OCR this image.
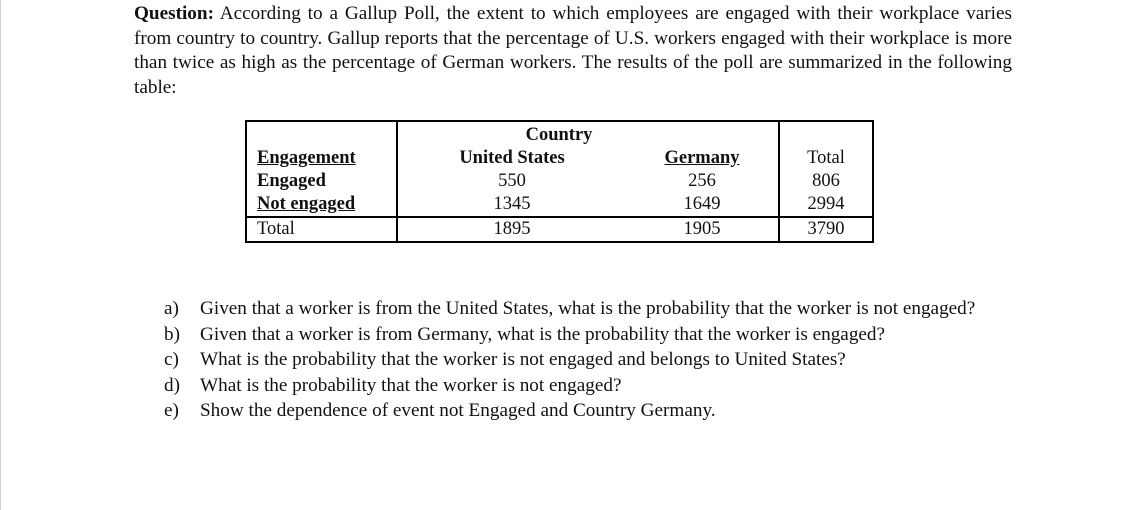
Question: According to a Gallup Poll, the extent to which employees are engaged with their workplace varies from country to country. Gallup reports that the percentage of U.S. workers engaged with their workplace is more than twice as high as the percentage of German workers. The results of the poll are summarized in the following table:
	Country		
Engagement	United States	Germany	Total
Engaged	550	256	806
Not engaged	1345	1649	2994
Total	1895	1905	3790
a)	Given that a worker is from the United States, what is the probability that the worker is not engaged?
b)	Given that a worker is from Germany, what is the probability that the worker is engaged?
c)	What is the probability that the worker is not engaged and belongs to United States?
d)	What is the probability that the worker is not engaged?
e)	Show the dependence of event not Engaged and Country Germany.
